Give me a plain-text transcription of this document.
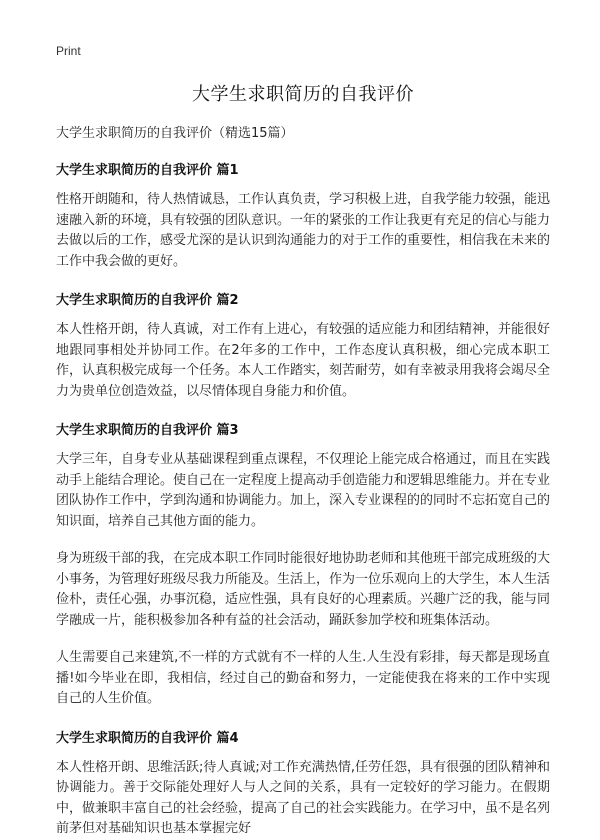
Print
大学生求职简历的自我评价

大学生求职简历的自我评价（精选15篇）

大学生求职简历的自我评价 篇1

性格开朗随和，待人热情诚恳，工作认真负责，学习积极上进，自我学能力较强，能迅速融入新的环境，具有较强的团队意识。一年的紧张的工作让我更有充足的信心与能力去做以后的工作，感受尤深的是认识到沟通能力的对于工作的重要性，相信我在未来的工作中我会做的更好。

大学生求职简历的自我评价 篇2

本人性格开朗，待人真诚，对工作有上进心，有较强的适应能力和团结精神，并能很好地跟同事相处并协同工作。在2年多的工作中，工作态度认真积极，细心完成本职工作，认真积极完成每一个任务。本人工作踏实，刻苦耐劳，如有幸被录用我将会竭尽全力为贵单位创造效益，以尽情体现自身能力和价值。

大学生求职简历的自我评价 篇3

大学三年，自身专业从基础课程到重点课程，不仅理论上能完成合格通过，而且在实践动手上能结合理论。使自己在一定程度上提高动手创造能力和逻辑思维能力。并在专业团队协作工作中，学到沟通和协调能力。加上，深入专业课程的的同时不忘拓宽自己的知识面，培养自己其他方面的能力。

身为班级干部的我，在完成本职工作同时能很好地协助老师和其他班干部完成班级的大小事务，为管理好班级尽我力所能及。生活上，作为一位乐观向上的大学生，本人生活俭朴，责任心强，办事沉稳，适应性强，具有良好的心理素质。兴趣广泛的我，能与同学融成一片，能积极参加各种有益的社会活动，踊跃参加学校和班集体活动。

人生需要自己来建筑,不一样的方式就有不一样的人生.人生没有彩排，每天都是现场直播!如今毕业在即，我相信，经过自己的勤奋和努力，一定能使我在将来的工作中实现自己的人生价值。

大学生求职简历的自我评价 篇4

本人性格开朗、思维活跃;待人真诚;对工作充满热情,任劳任怨，具有很强的团队精神和协调能力。善于交际能处理好人与人之间的关系，具有一定较好的学习能力。在假期中，做兼职丰富自己的社会经验，提高了自己的社会实践能力。在学习中，虽不是名列前茅但对基础知识也基本掌握完好
